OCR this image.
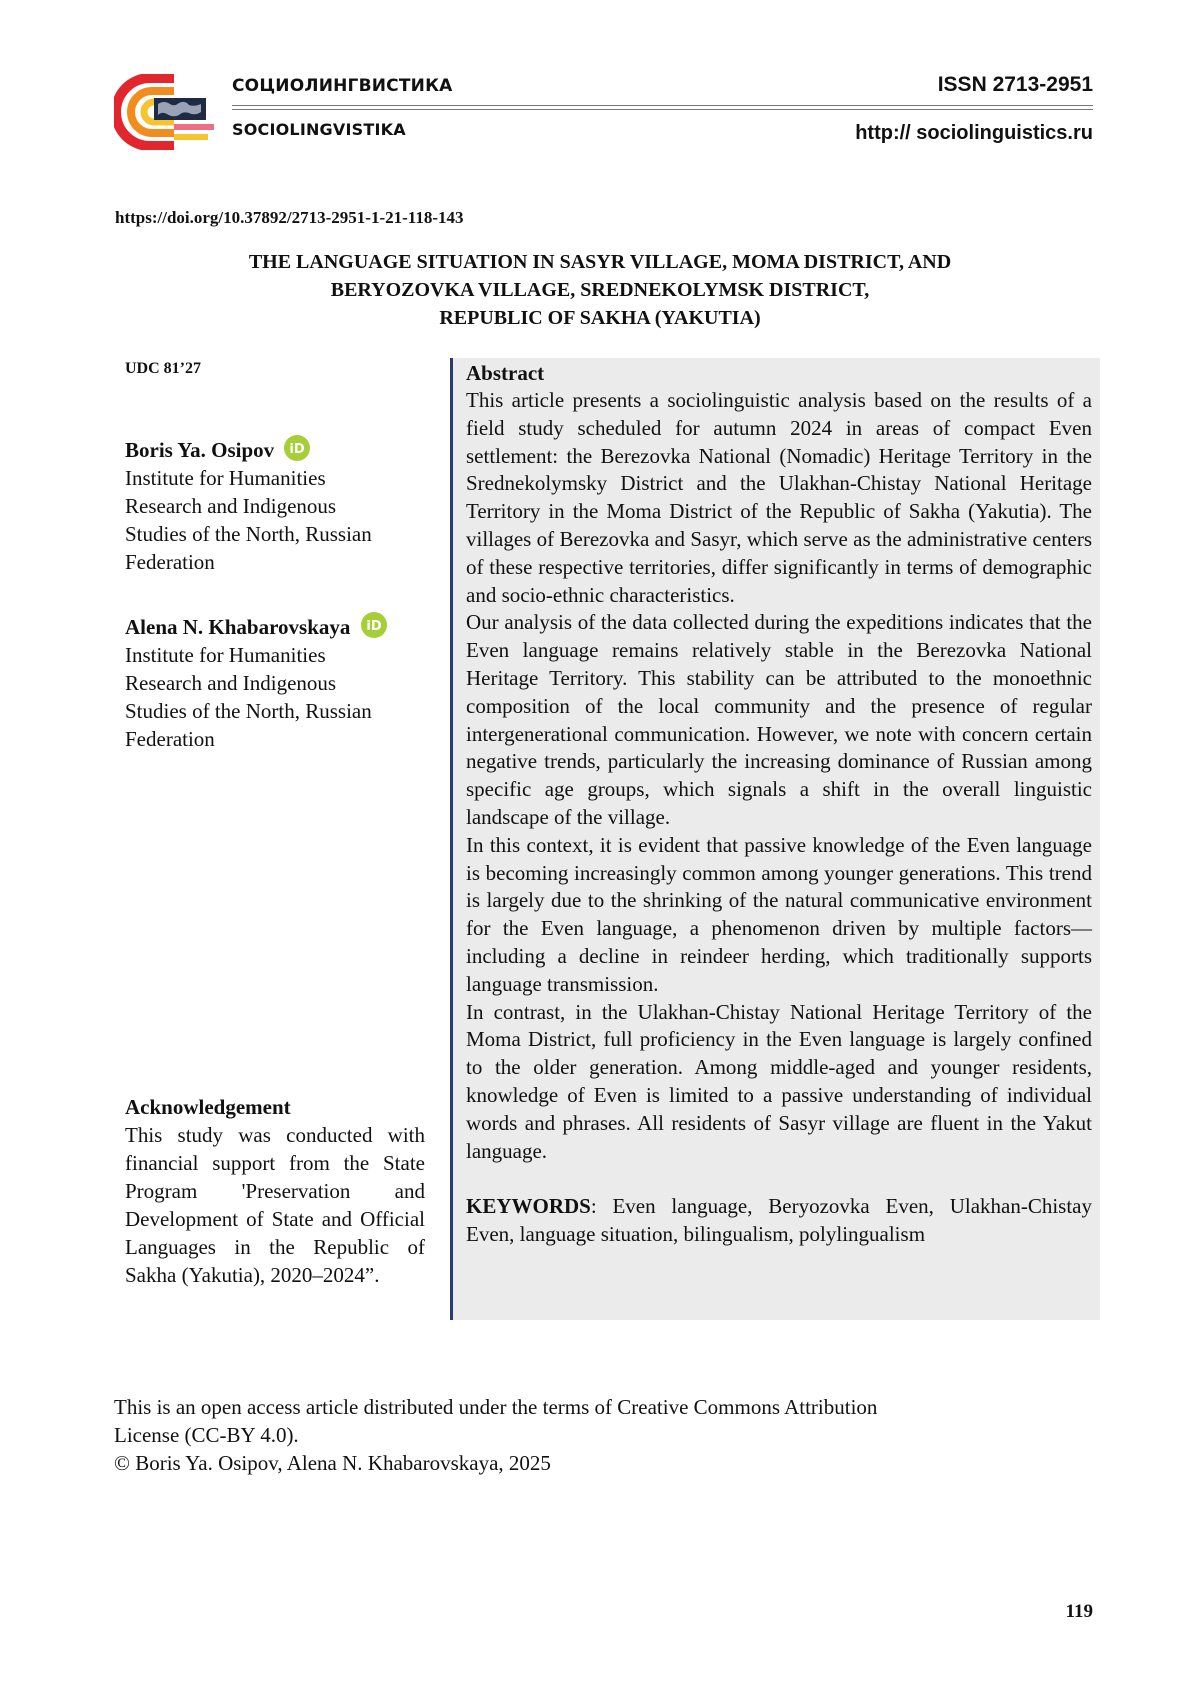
СОЦИОЛИНГВИСТИКА
SOCIOLINGVISTIKA
ISSN 2713-2951
http:// sociolinguistics.ru
https://doi.org/10.37892/2713-2951-1-21-118-143
THE LANGUAGE SITUATION IN SASYR VILLAGE, MOMA DISTRICT, AND
BERYOZOVKA VILLAGE, SREDNEKOLYMSK DISTRICT,
REPUBLIC OF SAKHA (YAKUTIA)
UDC 81’27
Boris Ya. Osipov iD
Institute for Humanities
Research and Indigenous
Studies of the North, Russian
Federation
Alena N. Khabarovskaya iD
Institute for Humanities
Research and Indigenous
Studies of the North, Russian
Federation
Acknowledgement
This study was conducted with financial support from the State Program 'Preservation and Development of State and Official Languages in the Republic of Sakha (Yakutia), 2020–2024”.
Abstract

This article presents a sociolinguistic analysis based on the results of a field study scheduled for autumn 2024 in areas of compact Even settlement: the Berezovka National (Nomadic) Heritage Territory in the Srednekolymsky District and the Ulakhan-Chistay National Heritage Territory in the Moma District of the Republic of Sakha (Yakutia). The villages of Berezovka and Sasyr, which serve as the administrative centers of these respective territories, differ significantly in terms of demographic and socio-ethnic characteristics.

Our analysis of the data collected during the expeditions indicates that the Even language remains relatively stable in the Berezovka National Heritage Territory. This stability can be attributed to the monoethnic composition of the local community and the presence of regular intergenerational communication. However, we note with concern certain negative trends, particularly the increasing dominance of Russian among specific age groups, which signals a shift in the overall linguistic landscape of the village.

In this context, it is evident that passive knowledge of the Even language is becoming increasingly common among younger generations. This trend is largely due to the shrinking of the natural communicative environment for the Even language, a phenomenon driven by multiple factors—including a decline in reindeer herding, which traditionally supports language transmission.

In contrast, in the Ulakhan-Chistay National Heritage Territory of the Moma District, full proficiency in the Even language is largely confined to the older generation. Among middle-aged and younger residents, knowledge of Even is limited to a passive understanding of individual words and phrases. All residents of Sasyr village are fluent in the Yakut language.

KEYWORDS: Even language, Beryozovka Even, Ulakhan-Chistay Even, language situation, bilingualism, polylingualism
This is an open access article distributed under the terms of Creative Commons Attribution
License (CC-BY 4.0).
© Boris Ya. Osipov, Alena N. Khabarovskaya, 2025
119
